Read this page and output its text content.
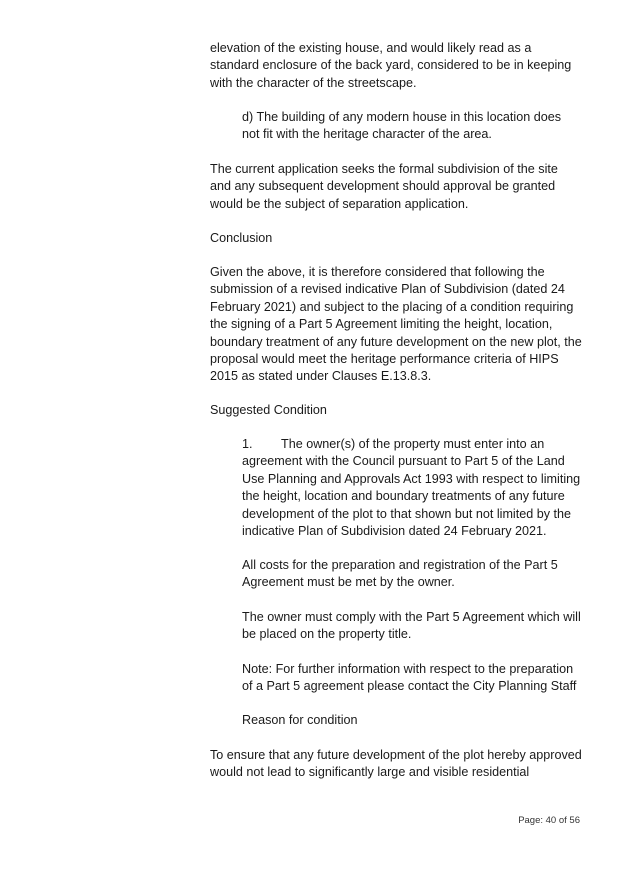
elevation of the existing house, and would likely read as a standard enclosure of the back yard, considered to be in keeping with the character of the streetscape.

d) The building of any modern house in this location does not fit with the heritage character of the area.

The current application seeks the formal subdivision of the site and any subsequent development should approval be granted would be the subject of separation application.

Conclusion

Given the above, it is therefore considered that following the submission of a revised indicative Plan of Subdivision (dated 24 February 2021) and subject to the placing of a condition requiring the signing of a Part 5 Agreement limiting the height, location, boundary treatment of any future development on the new plot, the proposal would meet the heritage performance criteria of HIPS 2015 as stated under Clauses E.13.8.3.

Suggested Condition

1.	The owner(s) of the property must enter into an agreement with the Council pursuant to Part 5 of the Land Use Planning and Approvals Act 1993 with respect to limiting the height, location and boundary treatments of any future development of the plot to that shown but not limited by the indicative Plan of Subdivision dated 24 February 2021.

All costs for the preparation and registration of the Part 5 Agreement must be met by the owner.

The owner must comply with the Part 5 Agreement which will be placed on the property title.

Note: For further information with respect to the preparation of a Part 5 agreement please contact the City Planning Staff

Reason for condition

To ensure that any future development of the plot hereby approved would not lead to significantly large and visible residential

Page: 40 of 56
